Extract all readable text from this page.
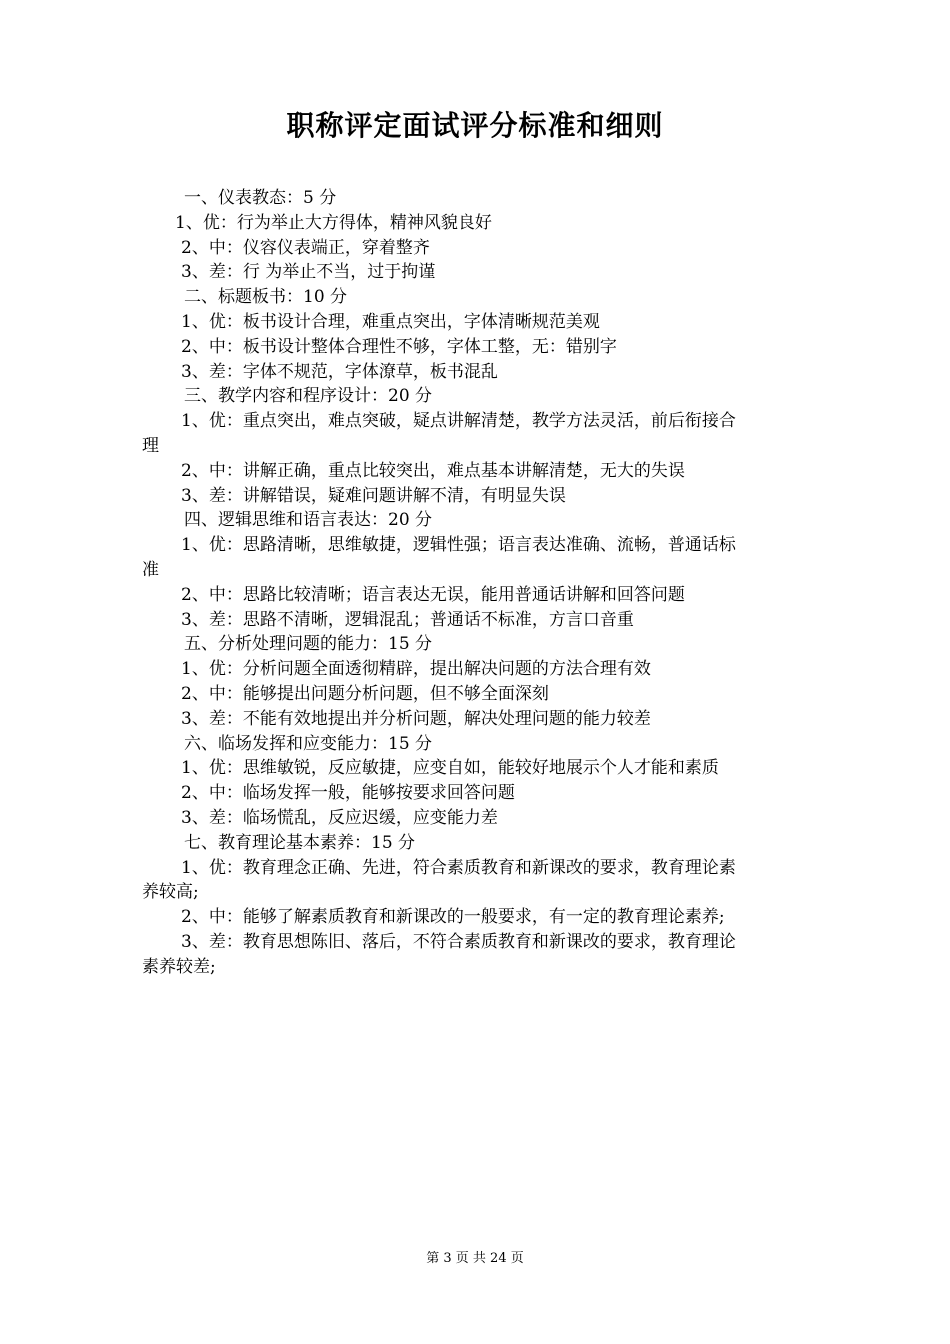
职称评定面试评分标准和细则
一、仪表教态：5 分
1、优：行为举止大方得体，精神风貌良好
2、中：仪容仪表端正，穿着整齐
3、差：行 为举止不当，过于拘谨
二、标题板书：10 分
1、优：板书设计合理，难重点突出，字体清晰规范美观
2、中：板书设计整体合理性不够，字体工整，无：错别字
3、差：字体不规范，字体潦草，板书混乱
三、教学内容和程序设计：20 分
1、优：重点突出，难点突破，疑点讲解清楚，教学方法灵活，前后衔接合
理
2、中：讲解正确，重点比较突出，难点基本讲解清楚，无大的失误
3、差：讲解错误，疑难问题讲解不清，有明显失误
四、逻辑思维和语言表达：20 分
1、优：思路清晰，思维敏捷，逻辑性强；语言表达准确、流畅，普通话标
准
2、中：思路比较清晰；语言表达无误，能用普通话讲解和回答问题
3、差：思路不清晰，逻辑混乱；普通话不标准，方言口音重
五、分析处理问题的能力：15 分
1、优：分析问题全面透彻精辟，提出解决问题的方法合理有效
2、中：能够提出问题分析问题，但不够全面深刻
3、差：不能有效地提出并分析问题，解决处理问题的能力较差
六、临场发挥和应变能力：15 分
1、优：思维敏锐，反应敏捷，应变自如，能较好地展示个人才能和素质
2、中：临场发挥一般，能够按要求回答问题
3、差：临场慌乱，反应迟缓，应变能力差
七、教育理论基本素养：15 分
1、优：教育理念正确、先进，符合素质教育和新课改的要求，教育理论素
养较高;
2、中：能够了解素质教育和新课改的一般要求，有一定的教育理论素养;
3、差：教育思想陈旧、落后，不符合素质教育和新课改的要求，教育理论
素养较差;
第 3 页 共 24 页
